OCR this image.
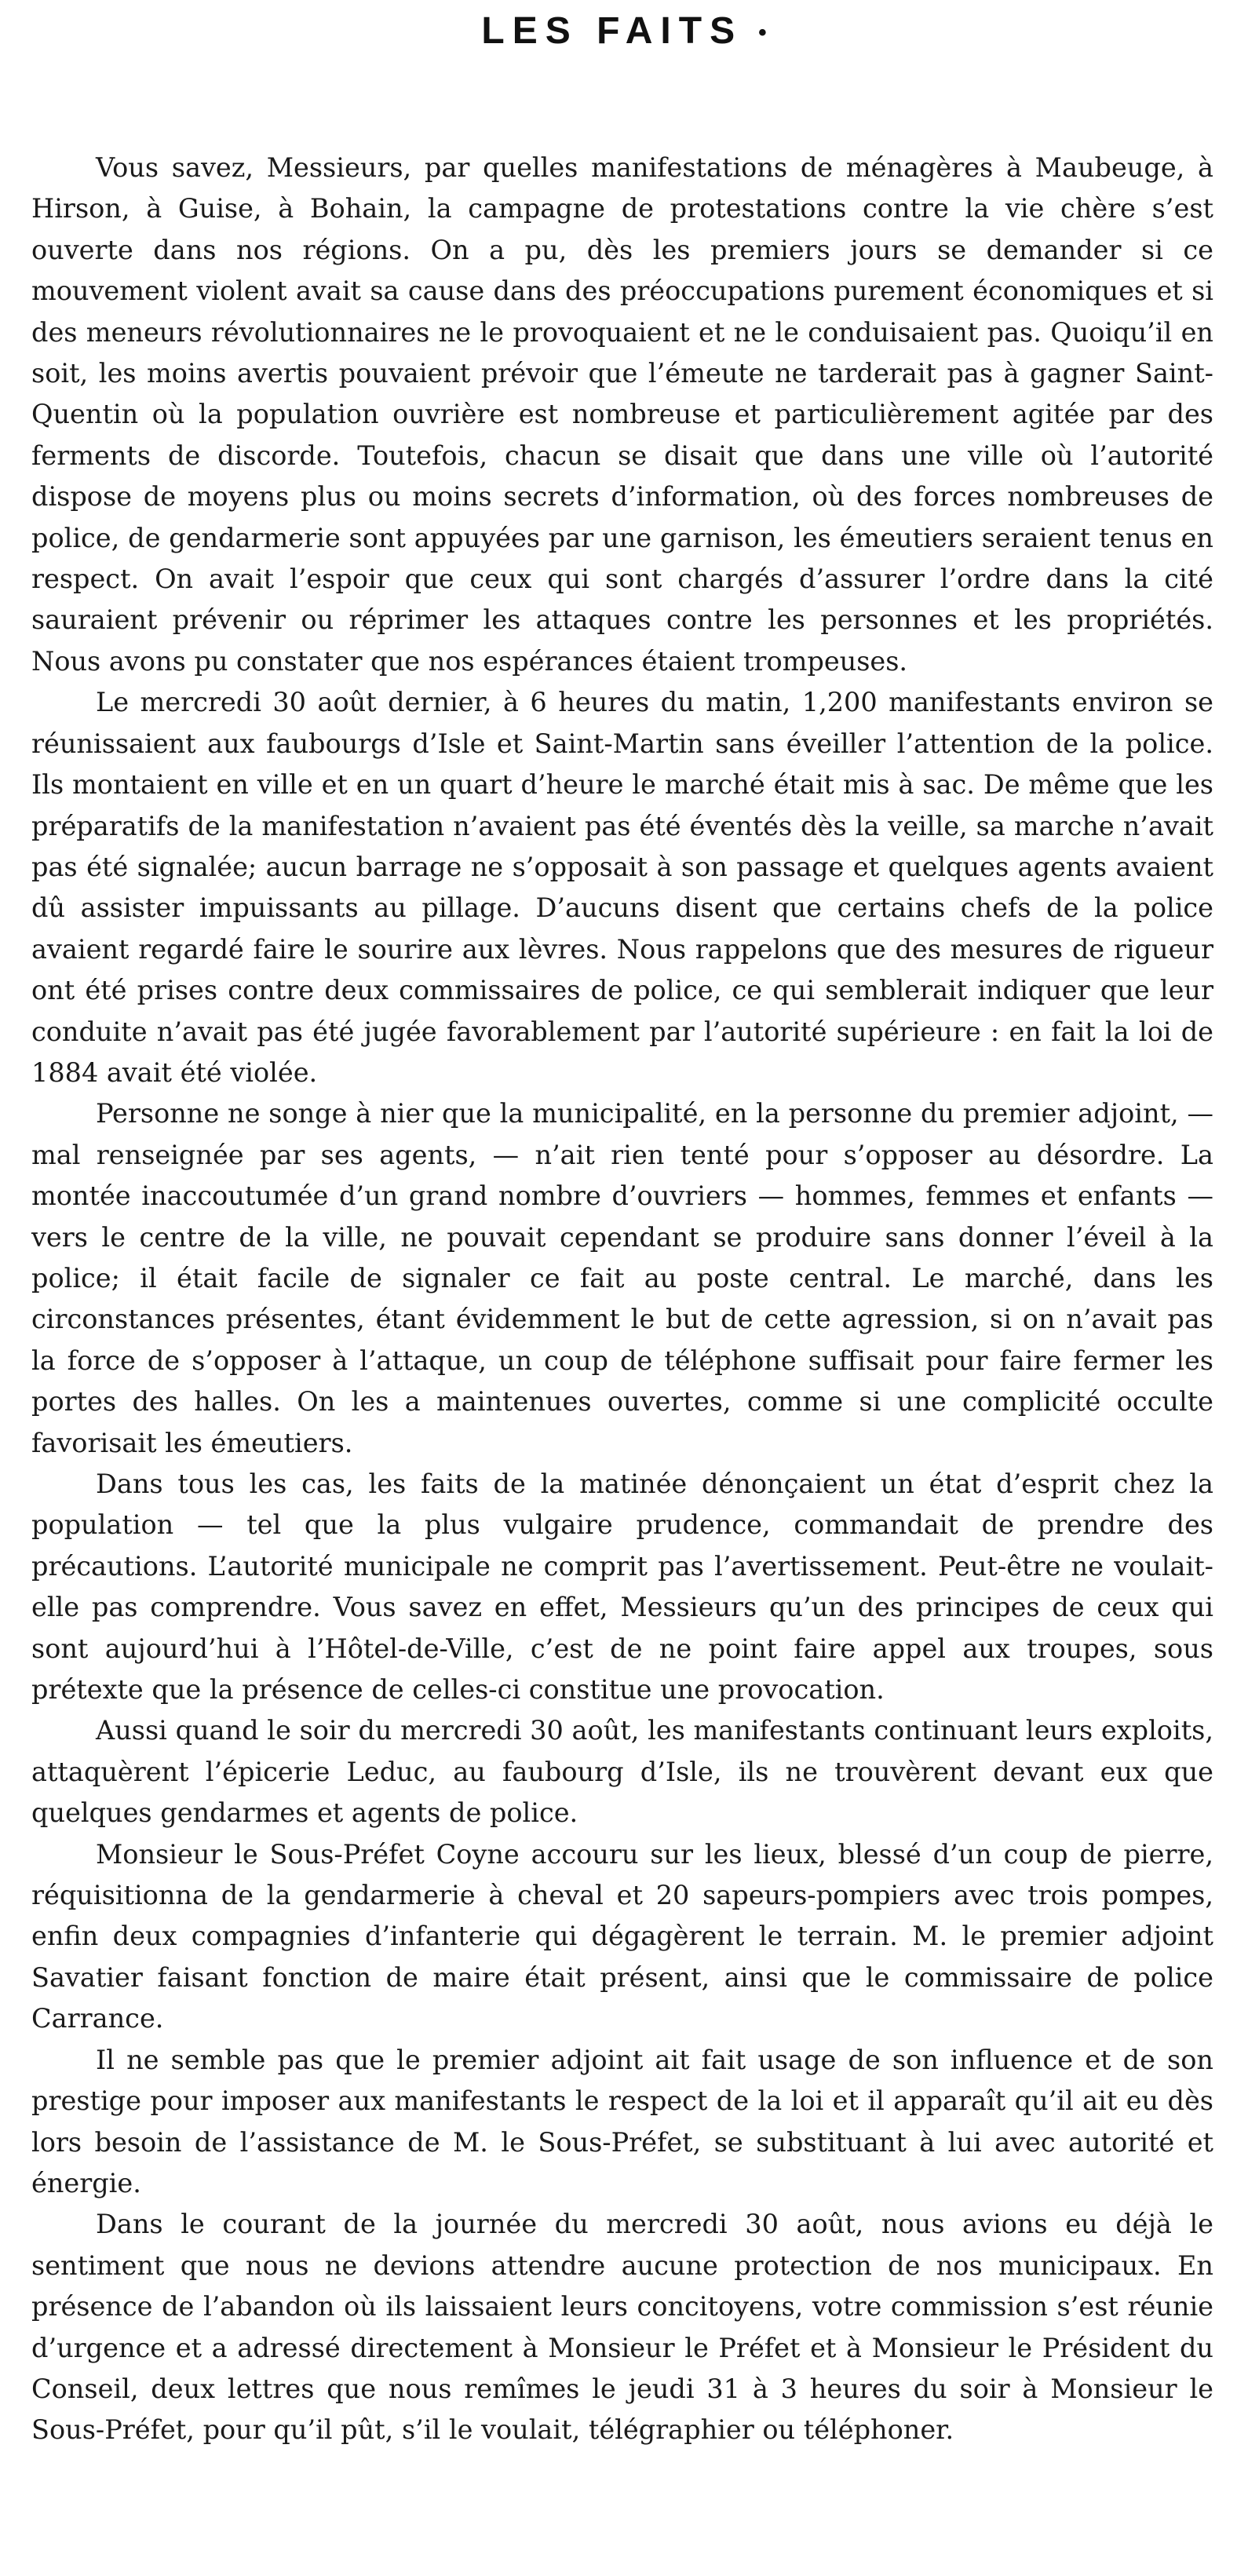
LES FAITS •

Vous savez, Messieurs, par quelles manifestations de ménagères à Maubeuge, à Hirson, à Guise, à Bohain, la campagne de protestations contre la vie chère s’est ouverte dans nos régions. On a pu, dès les premiers jours se demander si ce mouvement violent avait sa cause dans des préoccupations purement économiques et si des meneurs révolutionnaires ne le provoquaient et ne le conduisaient pas. Quoiqu’il en soit, les moins avertis pouvaient prévoir que l’émeute ne tarderait pas à gagner Saint-Quentin où la population ouvrière est nombreuse et particulièrement agitée par des ferments de discorde. Toutefois, chacun se disait que dans une ville où l’autorité dispose de moyens plus ou moins secrets d’information, où des forces nombreuses de police, de gendarmerie sont appuyées par une garnison, les émeutiers seraient tenus en respect. On avait l’espoir que ceux qui sont chargés d’assurer l’ordre dans la cité sauraient prévenir ou réprimer les attaques contre les personnes et les propriétés. Nous avons pu constater que nos espérances étaient trompeuses.

Le mercredi 30 août dernier, à 6 heures du matin, 1,200 manifestants environ se réunissaient aux faubourgs d’Isle et Saint-Martin sans éveiller l’attention de la police. Ils montaient en ville et en un quart d’heure le marché était mis à sac. De même que les préparatifs de la manifestation n’avaient pas été éventés dès la veille, sa marche n’avait pas été signalée; aucun barrage ne s’opposait à son passage et quelques agents avaient dû assister impuissants au pillage. D’aucuns disent que certains chefs de la police avaient regardé faire le sourire aux lèvres. Nous rappelons que des mesures de rigueur ont été prises contre deux commissaires de police, ce qui semblerait indiquer que leur conduite n’avait pas été jugée favorablement par l’autorité supérieure : en fait la loi de 1884 avait été violée.

Personne ne songe à nier que la municipalité, en la personne du premier adjoint, — mal renseignée par ses agents, — n’ait rien tenté pour s’opposer au désordre. La montée inaccoutumée d’un grand nombre d’ouvriers — hommes, femmes et enfants — vers le centre de la ville, ne pouvait cependant se produire sans donner l’éveil à la police; il était facile de signaler ce fait au poste central. Le marché, dans les circonstances présentes, étant évidemment le but de cette agression, si on n’avait pas la force de s’opposer à l’attaque, un coup de téléphone suffisait pour faire fermer les portes des halles. On les a maintenues ouvertes, comme si une complicité occulte favorisait les émeutiers.

Dans tous les cas, les faits de la matinée dénonçaient un état d’esprit chez la population — tel que la plus vulgaire prudence, commandait de prendre des précautions. L’autorité municipale ne comprit pas l’avertissement. Peut-être ne voulait-elle pas comprendre. Vous savez en effet, Messieurs qu’un des principes de ceux qui sont aujourd’hui à l’Hôtel-de-Ville, c’est de ne point faire appel aux troupes, sous prétexte que la présence de celles-ci constitue une provocation.

Aussi quand le soir du mercredi 30 août, les manifestants continuant leurs exploits, attaquèrent l’épicerie Leduc, au faubourg d’Isle, ils ne trouvèrent devant eux que quelques gendarmes et agents de police.

Monsieur le Sous-Préfet Coyne accouru sur les lieux, blessé d’un coup de pierre, réquisitionna de la gendarmerie à cheval et 20 sapeurs-pompiers avec trois pompes, enfin deux compagnies d’infanterie qui dégagèrent le terrain. M. le premier adjoint Savatier faisant fonction de maire était présent, ainsi que le commissaire de police Carrance.

Il ne semble pas que le premier adjoint ait fait usage de son influence et de son prestige pour imposer aux manifestants le respect de la loi et il apparaît qu’il ait eu dès lors besoin de l’assistance de M. le Sous-Préfet, se substituant à lui avec autorité et énergie.

Dans le courant de la journée du mercredi 30 août, nous avions eu déjà le sentiment que nous ne devions attendre aucune protection de nos municipaux. En présence de l’abandon où ils laissaient leurs concitoyens, votre commission s’est réunie d’urgence et a adressé directement à Monsieur le Préfet et à Monsieur le Président du Conseil, deux lettres que nous remîmes le jeudi 31 à 3 heures du soir à Monsieur le Sous-Préfet, pour qu’il pût, s’il le voulait, télégraphier ou téléphoner.
